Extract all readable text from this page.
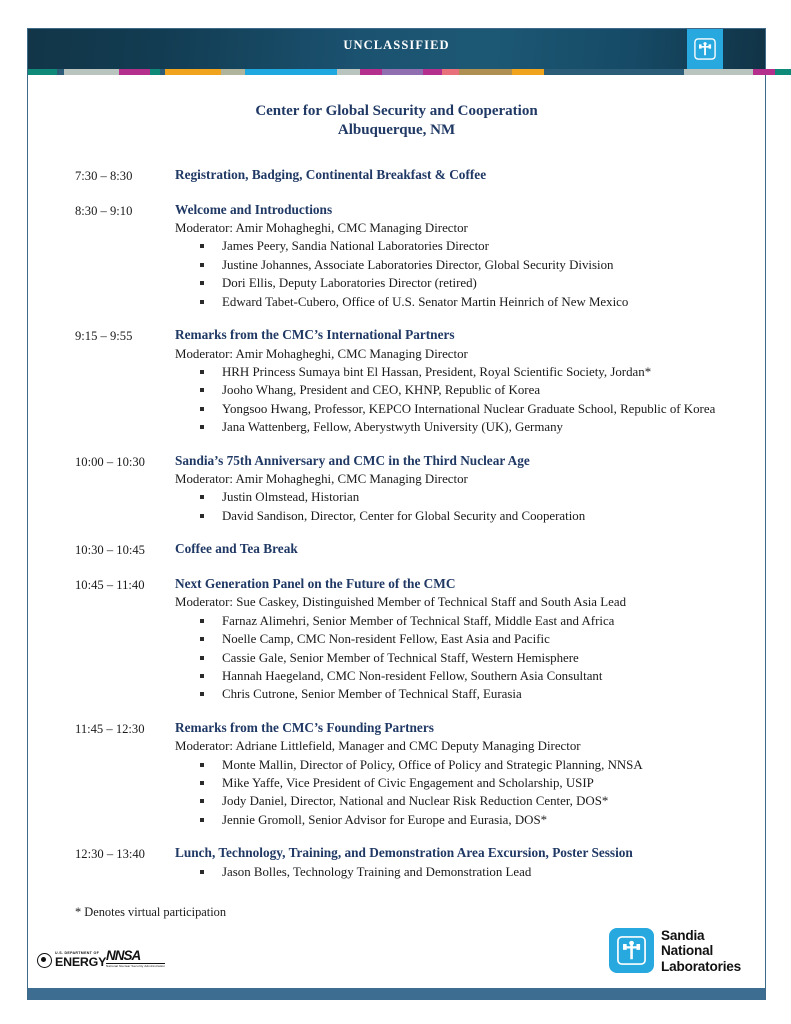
UNCLASSIFIED
Center for Global Security and Cooperation
Albuquerque, NM
7:30 – 8:30	Registration, Badging, Continental Breakfast & Coffee
8:30 – 9:10	Welcome and Introductions
Moderator: Amir Mohagheghi, CMC Managing Director
James Peery, Sandia National Laboratories Director
Justine Johannes, Associate Laboratories Director, Global Security Division
Dori Ellis, Deputy Laboratories Director (retired)
Edward Tabet-Cubero, Office of U.S. Senator Martin Heinrich of New Mexico
9:15 – 9:55	Remarks from the CMC’s International Partners
Moderator: Amir Mohagheghi, CMC Managing Director
HRH Princess Sumaya bint El Hassan, President, Royal Scientific Society, Jordan*
Jooho Whang, President and CEO, KHNP, Republic of Korea
Yongsoo Hwang, Professor, KEPCO International Nuclear Graduate School, Republic of Korea
Jana Wattenberg, Fellow, Aberystwyth University (UK), Germany
10:00 – 10:30	Sandia’s 75th Anniversary and CMC in the Third Nuclear Age
Moderator: Amir Mohagheghi, CMC Managing Director
Justin Olmstead, Historian
David Sandison, Director, Center for Global Security and Cooperation
10:30 – 10:45	Coffee and Tea Break
10:45 – 11:40	Next Generation Panel on the Future of the CMC
Moderator: Sue Caskey, Distinguished Member of Technical Staff and South Asia Lead
Farnaz Alimehri, Senior Member of Technical Staff, Middle East and Africa
Noelle Camp, CMC Non-resident Fellow, East Asia and Pacific
Cassie Gale, Senior Member of Technical Staff, Western Hemisphere
Hannah Haegeland, CMC Non-resident Fellow, Southern Asia Consultant
Chris Cutrone, Senior Member of Technical Staff, Eurasia
11:45 – 12:30	Remarks from the CMC’s Founding Partners
Moderator: Adriane Littlefield, Manager and CMC Deputy Managing Director
Monte Mallin, Director of Policy, Office of Policy and Strategic Planning, NNSA
Mike Yaffe, Vice President of Civic Engagement and Scholarship, USIP
Jody Daniel, Director, National and Nuclear Risk Reduction Center, DOS*
Jennie Gromoll, Senior Advisor for Europe and Eurasia, DOS*
12:30 – 13:40	Lunch, Technology, Training, and Demonstration Area Excursion, Poster Session
Jason Bolles, Technology Training and Demonstration Lead
* Denotes virtual participation
U.S. DEPARTMENT OF
ENERGY NNSA
National Nuclear Security Administration
Sandia
National
Laboratories
